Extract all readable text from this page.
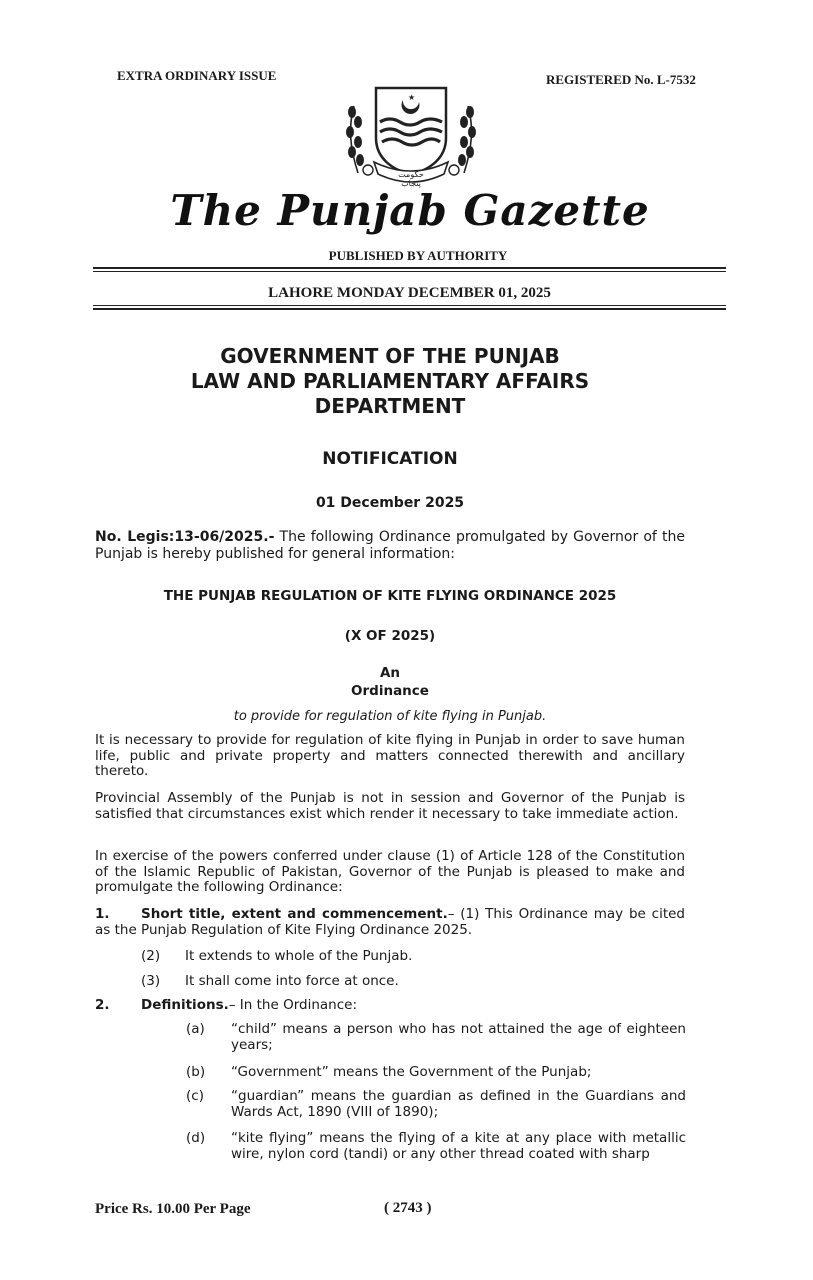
EXTRA ORDINARY ISSUE	REGISTERED No. L-7532
★
حکومت پنجاب
The Punjab Gazette
PUBLISHED BY AUTHORITY
LAHORE MONDAY DECEMBER 01, 2025
GOVERNMENT OF THE PUNJAB
LAW AND PARLIAMENTARY AFFAIRS
DEPARTMENT
NOTIFICATION
01 December 2025

No. Legis:13-06/2025.- The following Ordinance promulgated by Governor of the Punjab is hereby published for general information:

THE PUNJAB REGULATION OF KITE FLYING ORDINANCE 2025
(X OF 2025)
An
Ordinance
to provide for regulation of kite flying in Punjab.

It is necessary to provide for regulation of kite flying in Punjab in order to save human life, public and private property and matters connected therewith and ancillary thereto.

Provincial Assembly of the Punjab is not in session and Governor of the Punjab is satisfied that circumstances exist which render it necessary to take immediate action.

In exercise of the powers conferred under clause (1) of Article 128 of the Constitution of the Islamic Republic of Pakistan, Governor of the Punjab is pleased to make and promulgate the following Ordinance:

1. Short title, extent and commencement.– (1) This Ordinance may be cited as the Punjab Regulation of Kite Flying Ordinance 2025.

(2) It extends to whole of the Punjab.
(3) It shall come into force at once.
2. Definitions.– In the Ordinance:
(a) “child” means a person who has not attained the age of eighteen years;

(b) “Government” means the Government of the Punjab;

(c) “guardian” means the guardian as defined in the Guardians and Wards Act, 1890 (VIII of 1890);

(d) “kite flying” means the flying of a kite at any place with metallic wire, nylon cord (tandi) or any other thread coated with sharp

Price Rs. 10.00 Per Page	( 2743 )
